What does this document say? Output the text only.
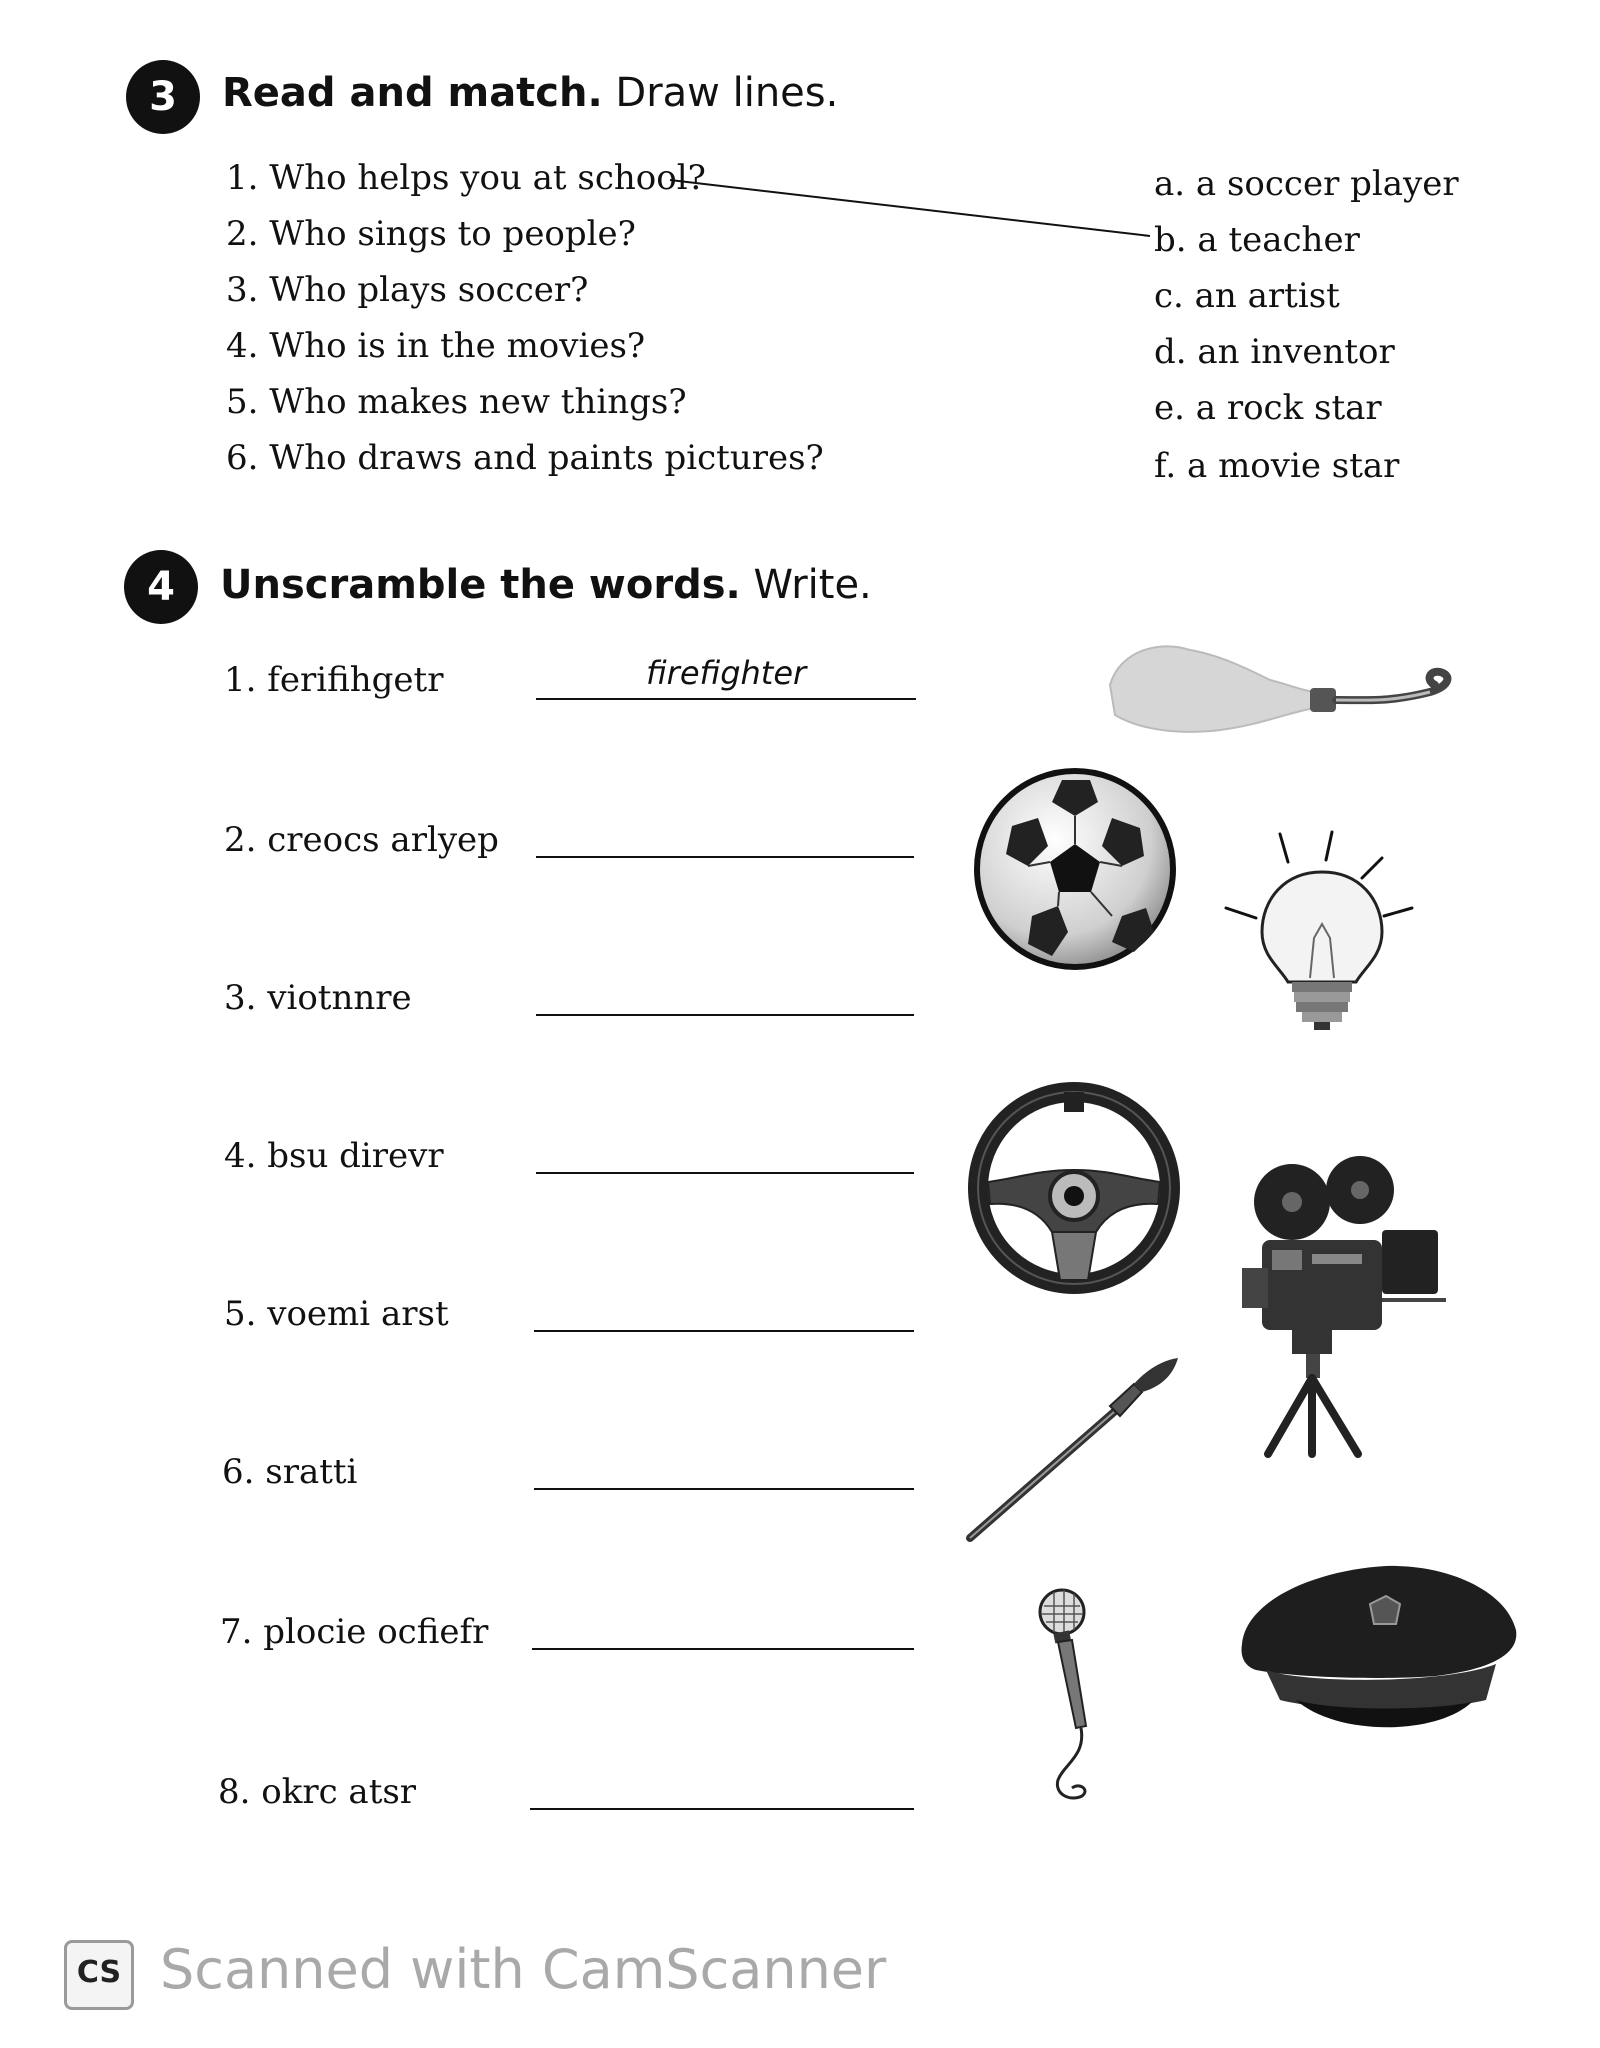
3	Read and match. Draw lines.
1. Who helps you at school?
2. Who sings to people?
3. Who plays soccer?
4. Who is in the movies?
5. Who makes new things?
6. Who draws and paints pictures?
a. a soccer player
b. a teacher
c. an artist
d. an inventor
e. a rock star
f. a movie star
4	Unscramble the words. Write.
1. ferifihgetr
2. creocs arlyep
3. viotnnre
4. bsu direvr
5. voemi arst
6. sratti
7. plocie ocfiefr
8. okrc atsr
firefighter
CS Scanned with CamScanner
